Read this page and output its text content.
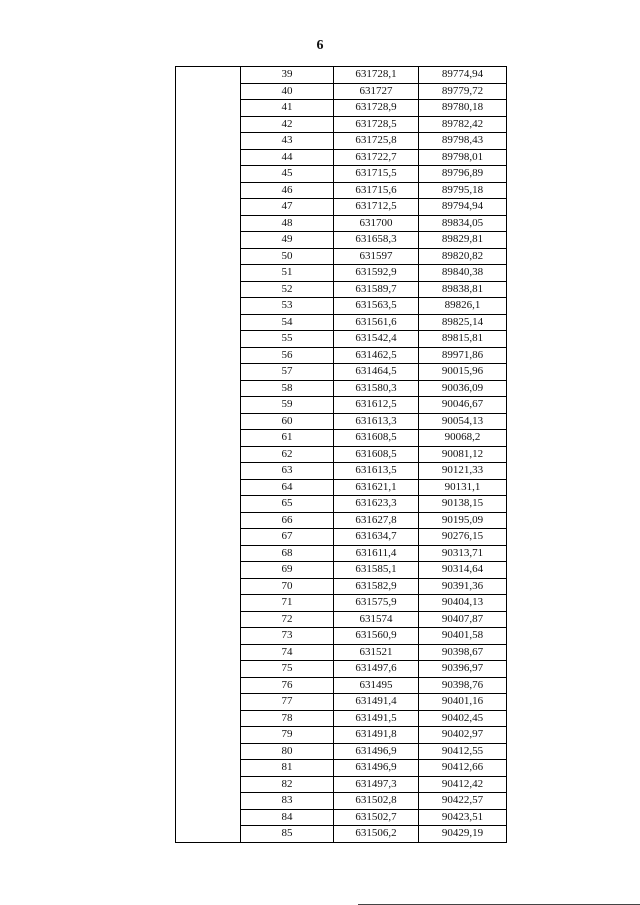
6
	39	631728,1	89774,94
	40	631727	89779,72
	41	631728,9	89780,18
	42	631728,5	89782,42
	43	631725,8	89798,43
	44	631722,7	89798,01
	45	631715,5	89796,89
	46	631715,6	89795,18
	47	631712,5	89794,94
	48	631700	89834,05
	49	631658,3	89829,81
	50	631597	89820,82
	51	631592,9	89840,38
	52	631589,7	89838,81
	53	631563,5	89826,1
	54	631561,6	89825,14
	55	631542,4	89815,81
	56	631462,5	89971,86
	57	631464,5	90015,96
	58	631580,3	90036,09
	59	631612,5	90046,67
	60	631613,3	90054,13
	61	631608,5	90068,2
	62	631608,5	90081,12
	63	631613,5	90121,33
	64	631621,1	90131,1
	65	631623,3	90138,15
	66	631627,8	90195,09
	67	631634,7	90276,15
	68	631611,4	90313,71
	69	631585,1	90314,64
	70	631582,9	90391,36
	71	631575,9	90404,13
	72	631574	90407,87
	73	631560,9	90401,58
	74	631521	90398,67
	75	631497,6	90396,97
	76	631495	90398,76
	77	631491,4	90401,16
	78	631491,5	90402,45
	79	631491,8	90402,97
	80	631496,9	90412,55
	81	631496,9	90412,66
	82	631497,3	90412,42
	83	631502,8	90422,57
	84	631502,7	90423,51
	85	631506,2	90429,19
